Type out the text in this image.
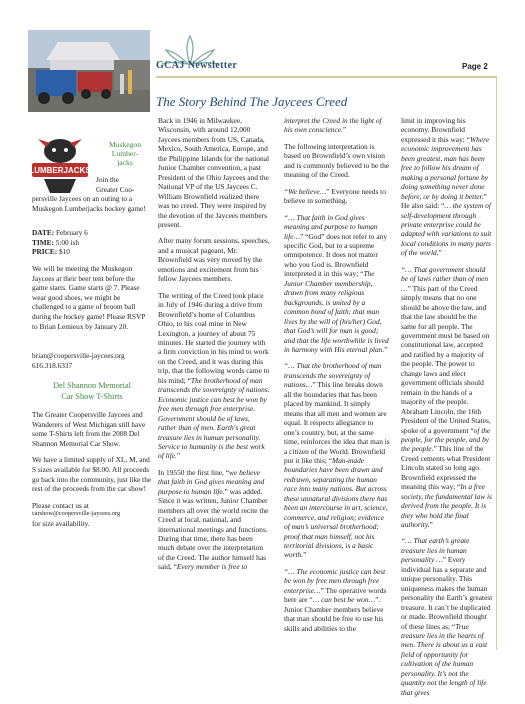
GCAJ Newsletter	Page 2
The Story Behind The Jaycees Creed
LUMBERJACKS
Muskegon
Lumber-
jacks
Join the
Greater Coo-
persville Jaycees on an outing to a Muskegon Lumberjacks hockey game!
DATE: February 6
TIME: 5:00 ish
PRICE: $10
We will be meeting the Muskegon Jaycees at their beer tent before the game starts. Game starts @ 7. Please wear good shoes, we might be challenged to a game of broom ball during the hockey game! Please RSVP to Brian Lemieux by January 20.
brian@coopersville-jaycees.org
616.318.6337
Del Shannon Memorial
Car Show T-Shirts

The Greater Coopersville Jaycees and Wanderers of West Michigan still have some T-Shirts left from the 2008 Del Shannon Memorial Car Show.

We have a limited supply of XL, M, and S sizes available for $8.00. All proceeds go back into the community, just like the rest of the proceeds from the car show!

Please contact us at
carshow@coopersville-jaycees.org
for size availability.

Back in 1946 in Milwaukee, Wisconsin, with around 12,000 Jaycees members from US, Canada, Mexico, South America, Europe, and the Philippine Islands for the national Junior Chamber convention, a past President of the Ohio Jaycees and the National VP of the US Jaycees C. William Brownfield realized there was no creed. They were inspired by the devotion of the Jaycees members present.

After many forum sessions, speeches, and a musical pageant, Mr. Brownfield was very moved by the emotions and excitement from his fellow Jaycees members.

The writing of the Creed took place in July of 1946 during a drive from Brownfield’s home of Columbus Ohio, to his coal mine in New Lexington, a journey of about 75 minutes. He started the journey with a firm conviction in his mind to work on the Creed, and it was during this trip, that the following words came to his mind; “The brotherhood of man transcends the sovereignty of nations. Economic justice can best be won by free men through free enterprise. Government should be of laws, rather than of men. Earth's great treasure lies in human personality. Service to humanity is the best work of life.”

In 19550 the first line, “we believe that faith in God gives meaning and purpose to human life.” was added. Since it was written, Junior Chamber members all over the world recite the Creed at local, national, and international meetings and functions. During that time, there has been much debate over the interpretation of the Creed. The author himself has said, “Every member is free to

interpret the Creed in the light of his own conscience.”

The following interpretation is based on Brownfield’s own vision and is commonly believed to be the meaning of the Creed.

“We believe…” Everyone needs to believe in something.

“… That faith in God gives meaning and purpose to human life…” “God” does not refer to any specific God, but to a supreme omnipotence. It does not matter who you God is. Brownfield interpreted it in this way; “The Junior Chamber membership, drawn from many religious backgrounds, is united by a common bond of faith; that man lives by the will of (his/her) God, that God’s will for man is good; and that the life worthwhile is lived in harmony with His eternal plan.”

“… That the brotherhood of man transcends the sovereignty of nations…” This line breaks down all the boundaries that has been placed by mankind. It simply means that all men and women are equal. It respects allegiance to one’s country, but, at the same time, reinforces the idea that man is a citizen of the World. Brownfield put it like this; “Man-made boundaries have been drawn and redrawn, separating the human race into many nations. But across these unnatural divisions there has been an intercourse in art, science, commerce, and religion; evidence of man’s universal brotherhood; proof that man himself, not his territorial divisions, is a basic worth.”

“… The economic justice can best be won by free men through free enterprise…” The operative words here are “… can best be won…”. Junior Chamber members believe that man should be free to use his skills and abilities to the

limit in improving his economy. Brownfield expressed it this way; “Where economic improvement has been greatest, man has been free to follow his dream of making a personal fortune by doing something never done before, or by doing it better.” He also said: “… the system of self-development through private enterprise could be adapted with variations to suit local conditions in many parts of the world.”

“… That government should be of laws rather than of men …” This part of the Creed simply means that no one should be above the law, and that the law should be the same for all people. The government must be based on constitutional law, accepted and ratified by a majority of the people. The power to change laws and elect government officials should remain in the hands of a majority of the people. Abraham Lincoln, the 16th President of the United States, spoke of a government “of the people, for the people, and by the people.” This line of the Creed cements what President Lincoln stated so long ago. Brownfield expressed the meaning this way; “In a free society, the fundamental law is derived from the people. It is they who hold the final authority.”

“… That earth’s greate treasure lies in human personality …” Every individual has a separate and unique personality. This uniqueness makes the human personality the Earth’s greatest treasure. It can’t be duplicated or made. Brownfield thought of these lines as; “True treasure lies in the hearts of men. There is about us a vast field of opportunity for cultivation of the human personality. It’s not the quantity not the length of life that gives
